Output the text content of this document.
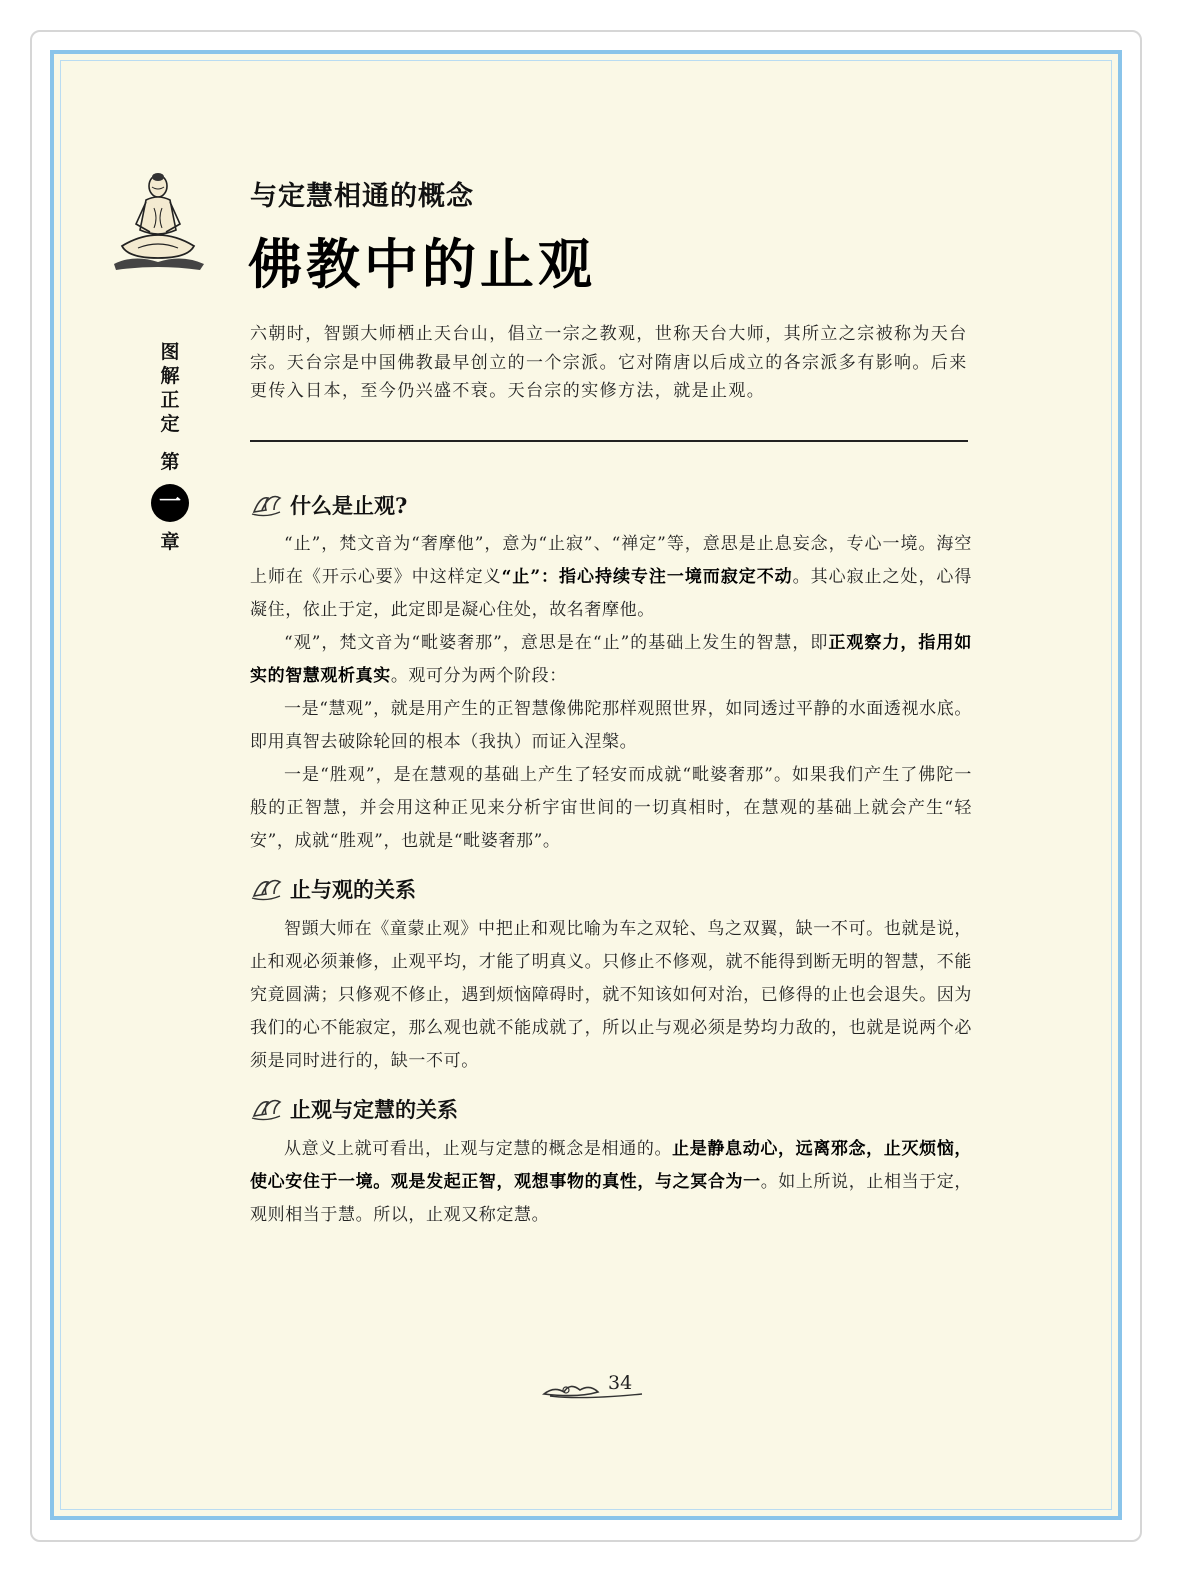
与定慧相通的概念
佛教中的止观
图
解
正
定
第
一
章
六朝时，智顗大师栖止天台山，倡立一宗之教观，世称天台大师，其所立之宗被称为天台宗。天台宗是中国佛教最早创立的一个宗派。它对隋唐以后成立的各宗派多有影响。后来更传入日本，至今仍兴盛不衰。天台宗的实修方法，就是止观。
什么是止观?
“止”，梵文音为“奢摩他”，意为“止寂”、“禅定”等，意思是止息妄念，专心一境。海空上师在《开示心要》中这样定义“止”：指心持续专注一境而寂定不动。其心寂止之处，心得凝住，依止于定，此定即是凝心住处，故名奢摩他。
“观”，梵文音为“毗婆奢那”，意思是在“止”的基础上发生的智慧，即正观察力，指用如实的智慧观析真实。观可分为两个阶段：
一是“慧观”，就是用产生的正智慧像佛陀那样观照世界，如同透过平静的水面透视水底。即用真智去破除轮回的根本（我执）而证入涅槃。
一是“胜观”，是在慧观的基础上产生了轻安而成就“毗婆奢那”。如果我们产生了佛陀一般的正智慧，并会用这种正见来分析宇宙世间的一切真相时，在慧观的基础上就会产生“轻安”，成就“胜观”，也就是“毗婆奢那”。
止与观的关系
智顗大师在《童蒙止观》中把止和观比喻为车之双轮、鸟之双翼，缺一不可。也就是说，止和观必须兼修，止观平均，才能了明真义。只修止不修观，就不能得到断无明的智慧，不能究竟圆满；只修观不修止，遇到烦恼障碍时，就不知该如何对治，已修得的止也会退失。因为我们的心不能寂定，那么观也就不能成就了，所以止与观必须是势均力敌的，也就是说两个必须是同时进行的，缺一不可。
止观与定慧的关系
从意义上就可看出，止观与定慧的概念是相通的。止是静息动心，远离邪念，止灭烦恼，使心安住于一境。观是发起正智，观想事物的真性，与之冥合为一。如上所说，止相当于定，观则相当于慧。所以，止观又称定慧。
34
